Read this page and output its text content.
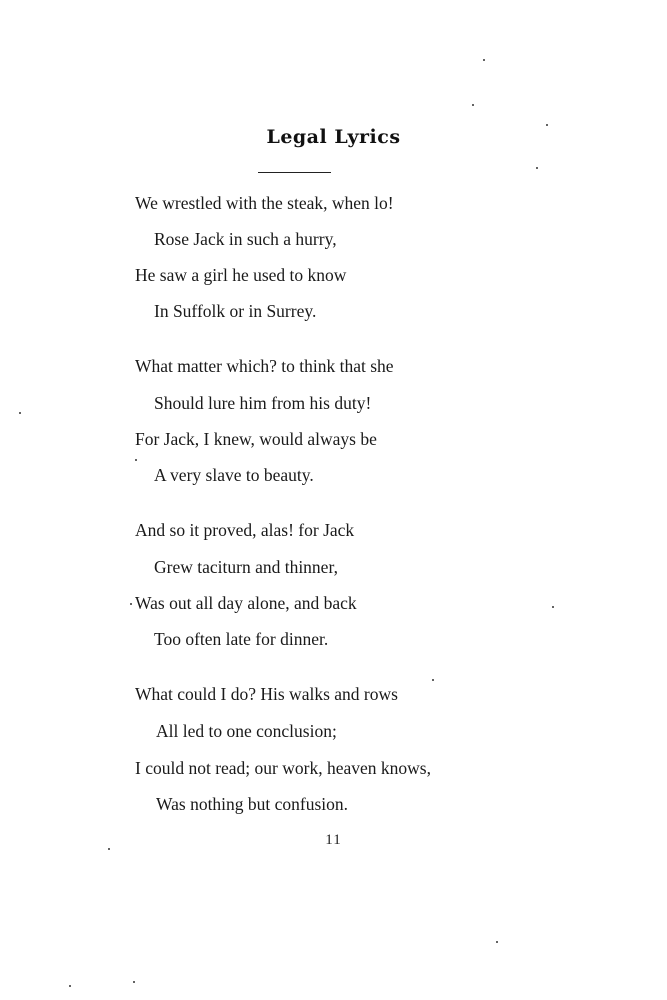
Legal Lyrics
We wrestled with the steak, when lo!
Rose Jack in such a hurry,
He saw a girl he used to know
In Suffolk or in Surrey.
What matter which? to think that she
Should lure him from his duty!
For Jack, I knew, would always be
A very slave to beauty.
And so it proved, alas! for Jack
Grew taciturn and thinner,
Was out all day alone, and back
Too often late for dinner.
What could I do? His walks and rows
All led to one conclusion;
I could not read; our work, heaven knows,
Was nothing but confusion.
11
